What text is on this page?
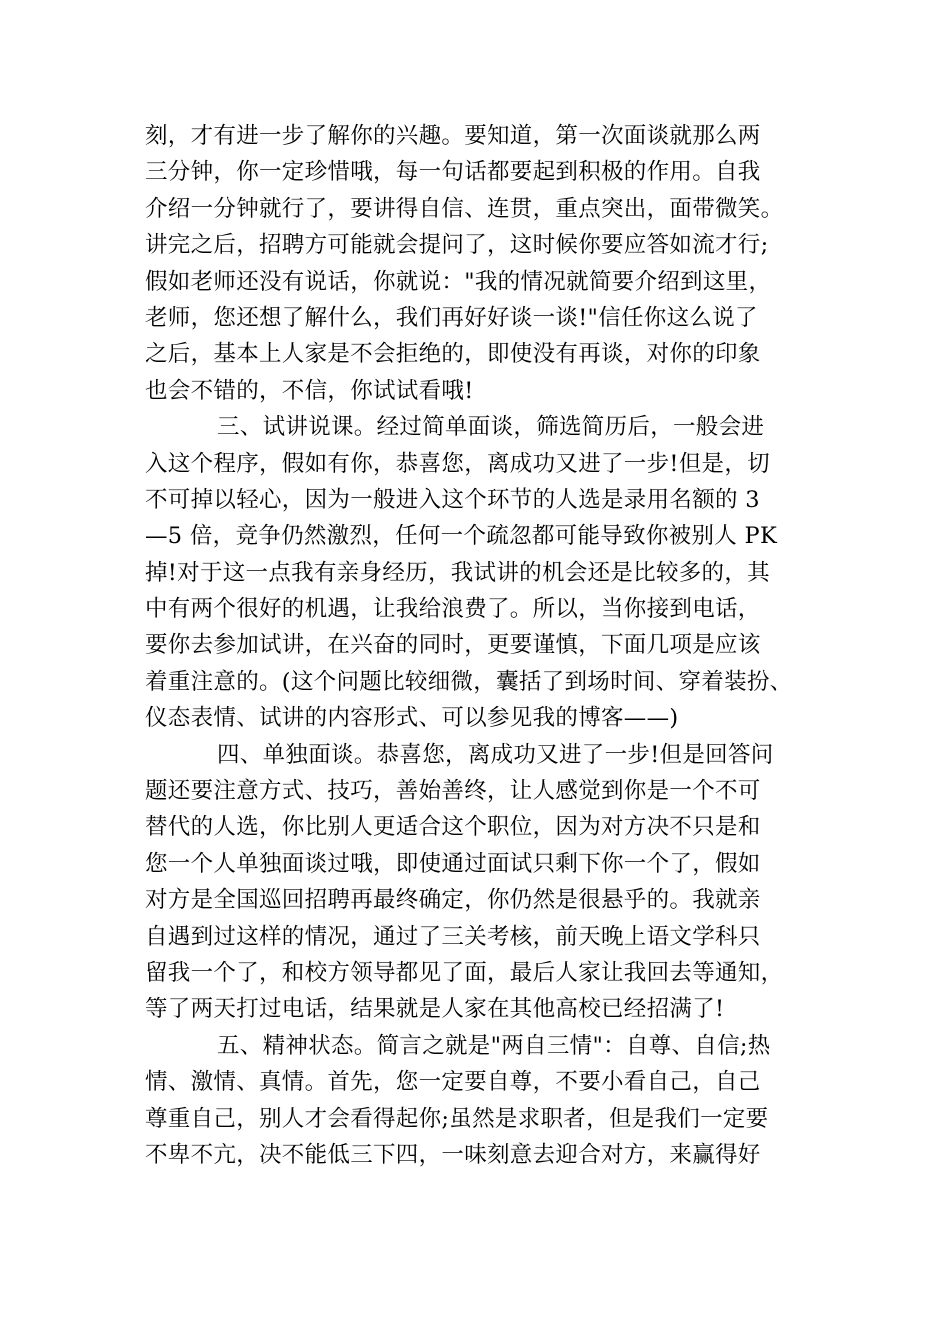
刻，才有进一步了解你的兴趣。要知道，第一次面谈就那么两
三分钟，你一定珍惜哦，每一句话都要起到积极的作用。自我
介绍一分钟就行了，要讲得自信、连贯，重点突出，面带微笑。
讲完之后，招聘方可能就会提问了，这时候你要应答如流才行;
假如老师还没有说话，你就说："我的情况就简要介绍到这里，
老师，您还想了解什么，我们再好好谈一谈!"信任你这么说了
之后，基本上人家是不会拒绝的，即使没有再谈，对你的印象
也会不错的，不信，你试试看哦!
三、试讲说课。经过简单面谈，筛选简历后，一般会进
入这个程序，假如有你，恭喜您，离成功又进了一步!但是，切
不可掉以轻心，因为一般进入这个环节的人选是录用名额的 3
—5 倍，竞争仍然激烈，任何一个疏忽都可能导致你被别人 PK
掉!对于这一点我有亲身经历，我试讲的机会还是比较多的，其
中有两个很好的机遇，让我给浪费了。所以，当你接到电话，
要你去参加试讲，在兴奋的同时，更要谨慎，下面几项是应该
着重注意的。(这个问题比较细微，囊括了到场时间、穿着装扮、
仪态表情、试讲的内容形式、可以参见我的博客——)
四、单独面谈。恭喜您，离成功又进了一步!但是回答问
题还要注意方式、技巧，善始善终，让人感觉到你是一个不可
替代的人选，你比别人更适合这个职位，因为对方决不只是和
您一个人单独面谈过哦，即使通过面试只剩下你一个了，假如
对方是全国巡回招聘再最终确定，你仍然是很悬乎的。我就亲
自遇到过这样的情况，通过了三关考核，前天晚上语文学科只
留我一个了，和校方领导都见了面，最后人家让我回去等通知，
等了两天打过电话，结果就是人家在其他高校已经招满了!
五、精神状态。简言之就是"两自三情"：自尊、自信;热
情、激情、真情。首先，您一定要自尊，不要小看自己，自己
尊重自己，别人才会看得起你;虽然是求职者，但是我们一定要
不卑不亢，决不能低三下四，一味刻意去迎合对方，来赢得好
